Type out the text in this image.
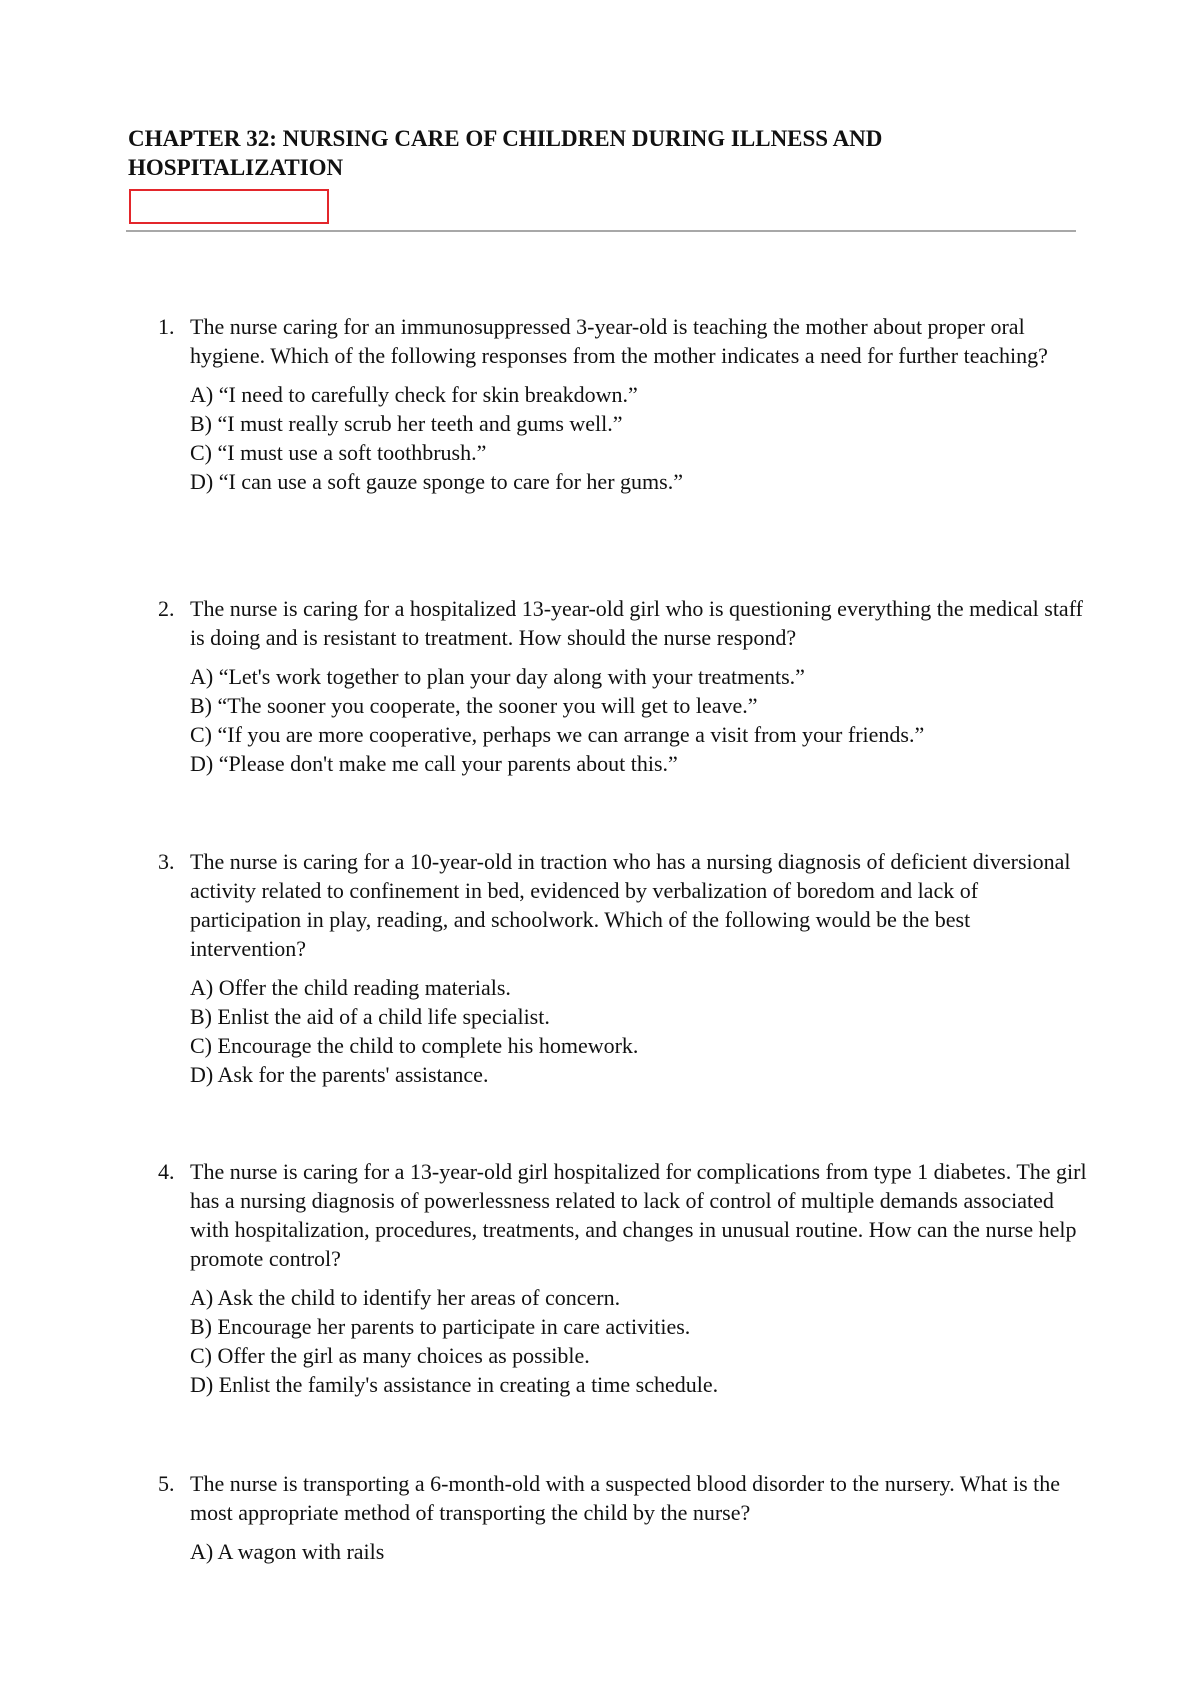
CHAPTER 32: NURSING CARE OF CHILDREN DURING ILLNESS AND HOSPITALIZATION
1. The nurse caring for an immunosuppressed 3-year-old is teaching the mother about proper oral hygiene. Which of the following responses from the mother indicates a need for further teaching?
A) “I need to carefully check for skin breakdown.”
B) “I must really scrub her teeth and gums well.”
C) “I must use a soft toothbrush.”
D) “I can use a soft gauze sponge to care for her gums.”
2. The nurse is caring for a hospitalized 13-year-old girl who is questioning everything the medical staff is doing and is resistant to treatment. How should the nurse respond?
A) “Let's work together to plan your day along with your treatments.”
B) “The sooner you cooperate, the sooner you will get to leave.”
C) “If you are more cooperative, perhaps we can arrange a visit from your friends.”
D) “Please don't make me call your parents about this.”
3. The nurse is caring for a 10-year-old in traction who has a nursing diagnosis of deficient diversional activity related to confinement in bed, evidenced by verbalization of boredom and lack of participation in play, reading, and schoolwork. Which of the following would be the best intervention?
A) Offer the child reading materials.
B) Enlist the aid of a child life specialist.
C) Encourage the child to complete his homework.
D) Ask for the parents' assistance.
4. The nurse is caring for a 13-year-old girl hospitalized for complications from type 1 diabetes. The girl has a nursing diagnosis of powerlessness related to lack of control of multiple demands associated with hospitalization, procedures, treatments, and changes in unusual routine. How can the nurse help promote control?
A) Ask the child to identify her areas of concern.
B) Encourage her parents to participate in care activities.
C) Offer the girl as many choices as possible.
D) Enlist the family's assistance in creating a time schedule.
5. The nurse is transporting a 6-month-old with a suspected blood disorder to the nursery. What is the most appropriate method of transporting the child by the nurse?
A) A wagon with rails
